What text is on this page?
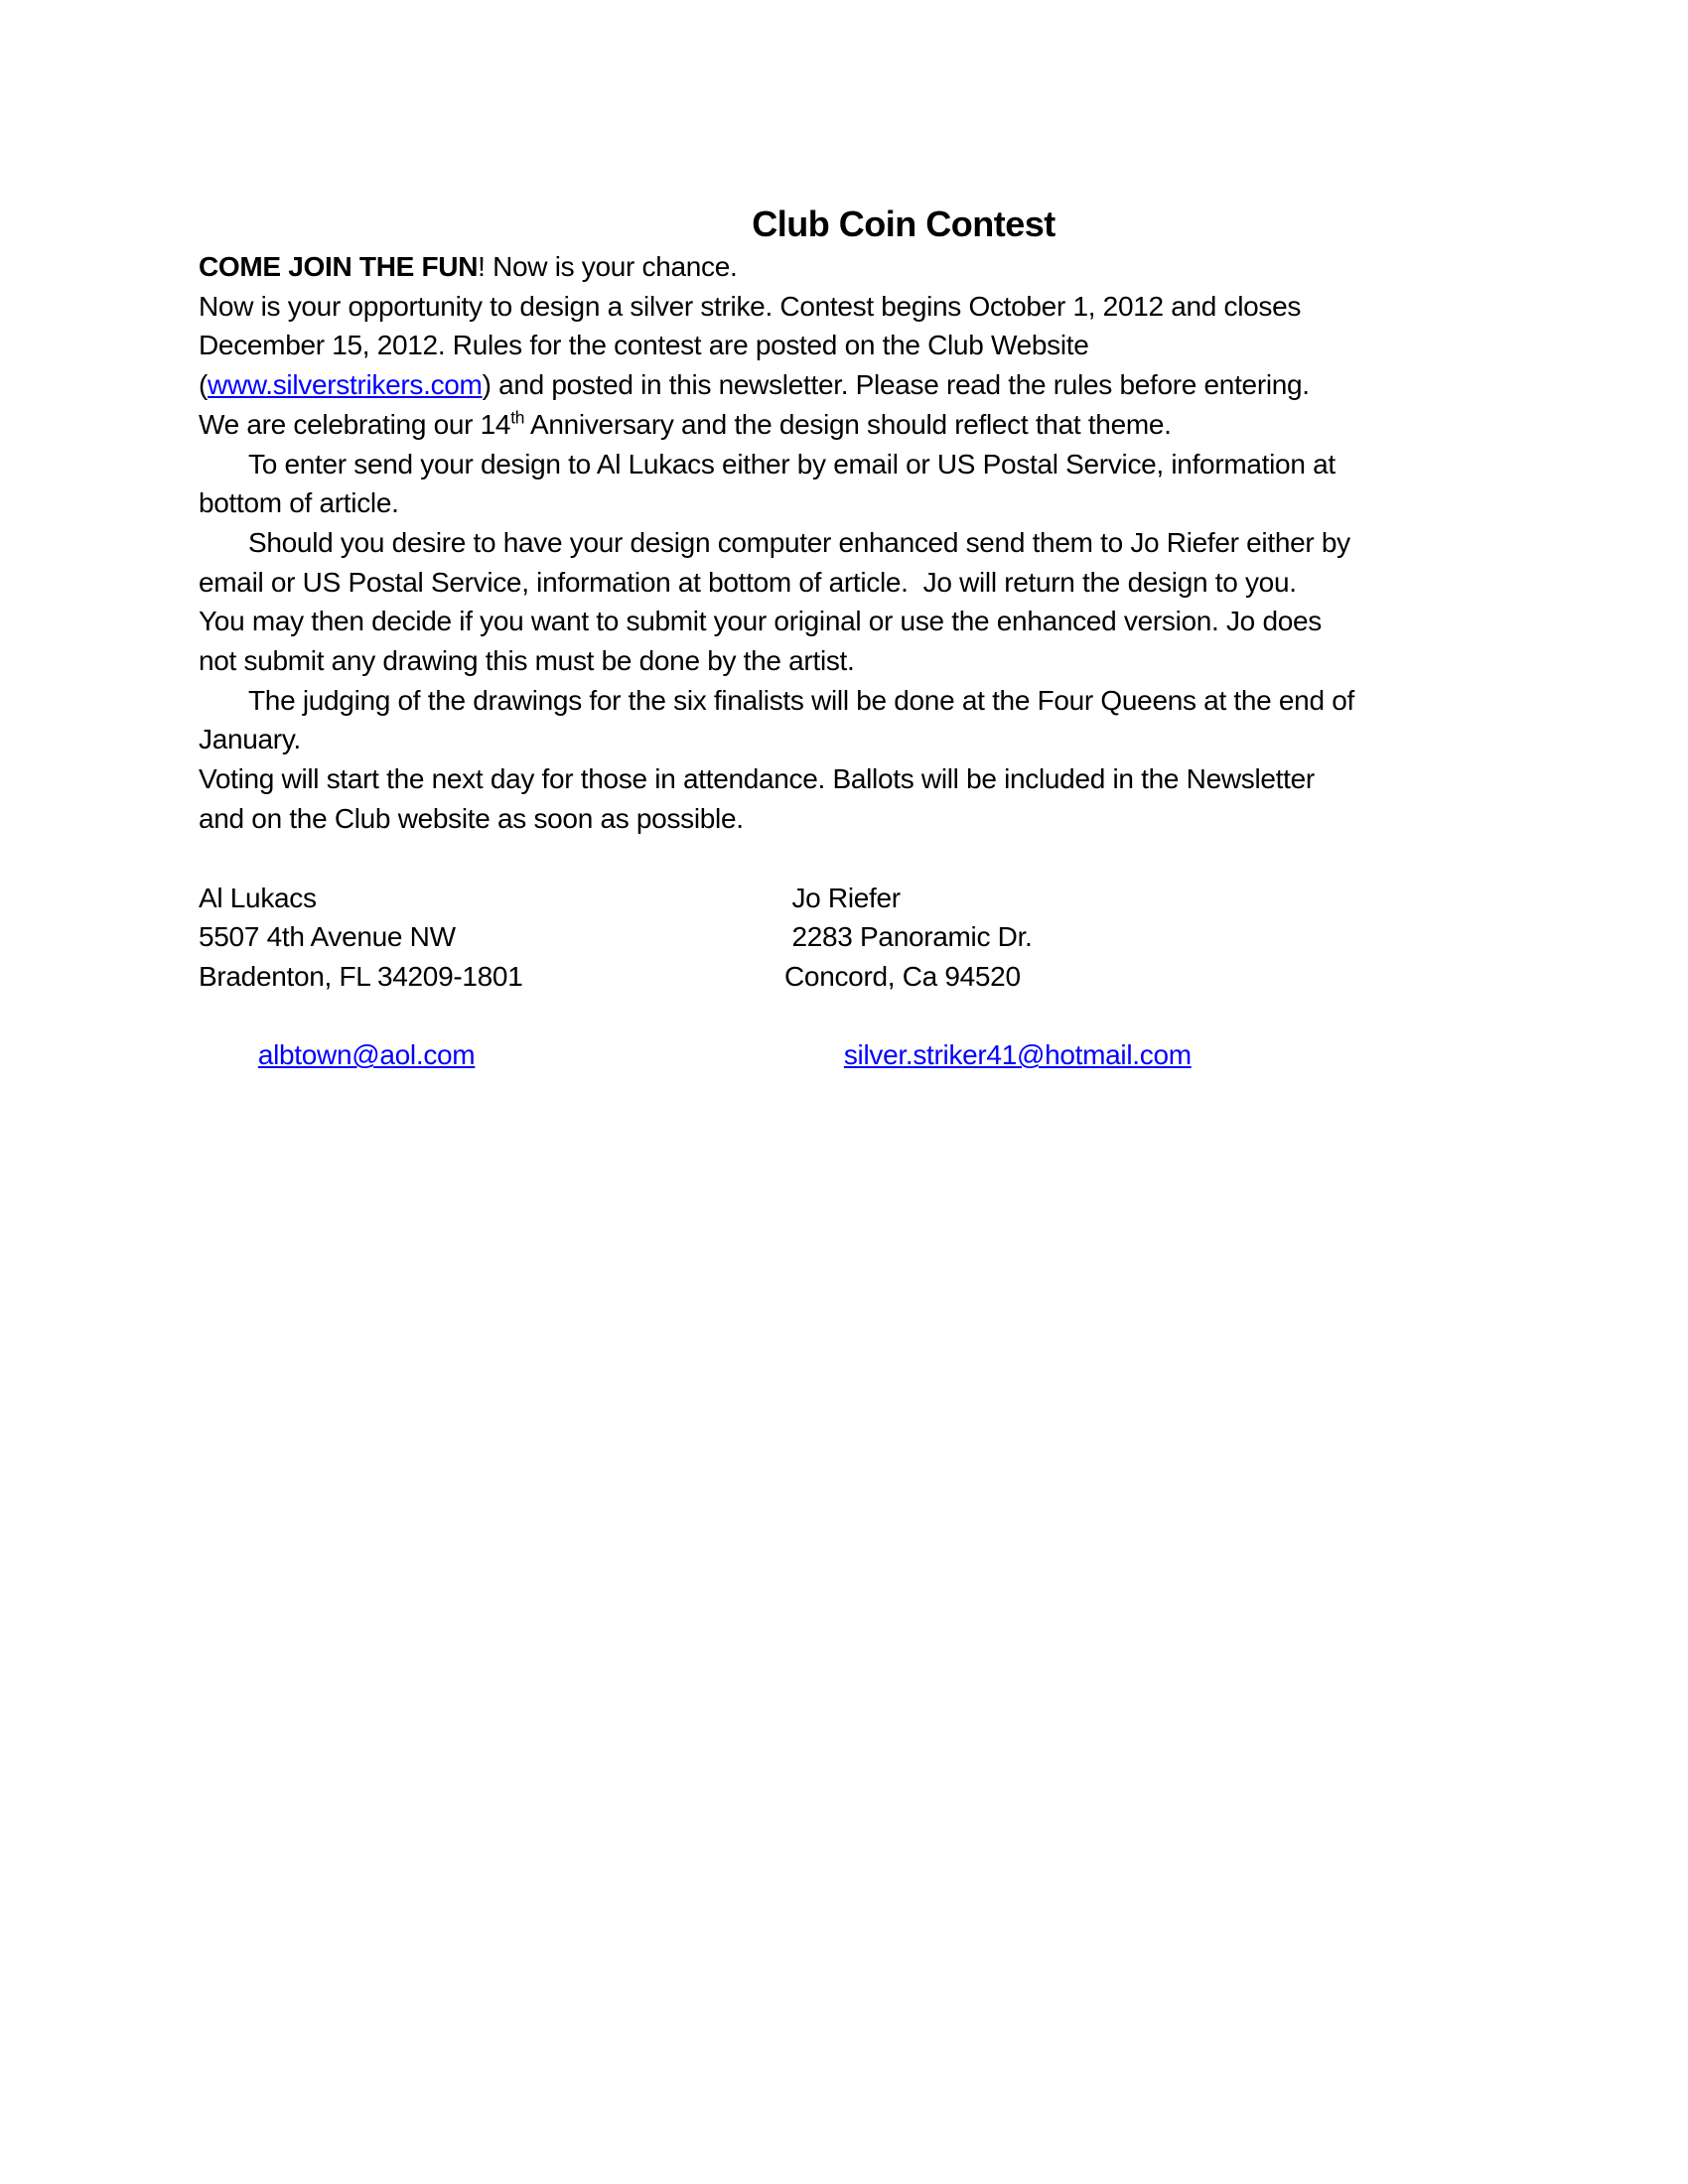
Club Coin Contest
COME JOIN THE FUN! Now is your chance.
Now is your opportunity to design a silver strike. Contest begins October 1, 2012 and closes
December 15, 2012. Rules for the contest are posted on the Club Website
(www.silverstrikers.com) and posted in this newsletter. Please read the rules before entering.
We are celebrating our 14th Anniversary and the design should reflect that theme.
To enter send your design to Al Lukacs either by email or US Postal Service, information at
bottom of article.
Should you desire to have your design computer enhanced send them to Jo Riefer either by
email or US Postal Service, information at bottom of article.  Jo will return the design to you.
You may then decide if you want to submit your original or use the enhanced version. Jo does
not submit any drawing this must be done by the artist.
The judging of the drawings for the six finalists will be done at the Four Queens at the end of
January.
Voting will start the next day for those in attendance. Ballots will be included in the Newsletter
and on the Club website as soon as possible.
Al Lukacs
5507 4th Avenue NW
Bradenton, FL 34209-1801

albtown@aol.com

Jo Riefer
2283 Panoramic Dr.
Concord, Ca 94520

silver.striker41@hotmail.com
